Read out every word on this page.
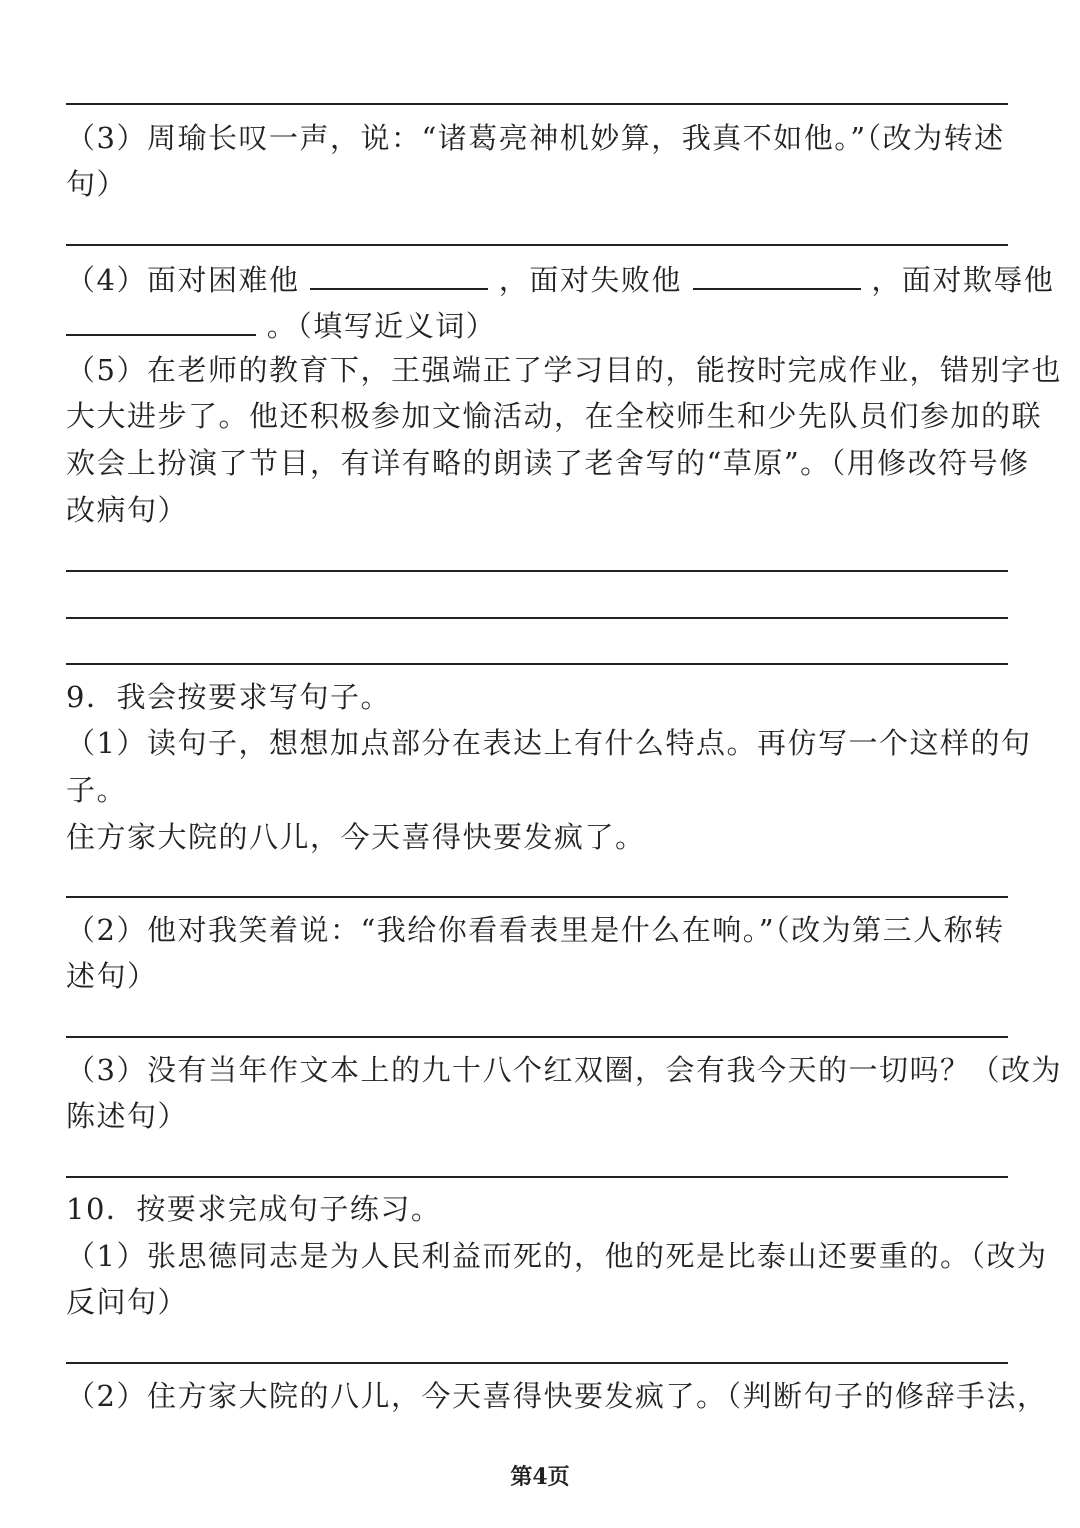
（3）周瑜长叹一声，说：“诸葛亮神机妙算，我真不如他。”（改为转述
句）
（4）面对困难他	，面对失败他	，面对欺辱他
。（填写近义词）
（5）在老师的教育下，王强端正了学习目的，能按时完成作业，错别字也
大大进步了。他还积极参加文愉活动，在全校师生和少先队员们参加的联
欢会上扮演了节目，有详有略的朗读了老舍写的“草原”。（用修改符号修
改病句）
9．我会按要求写句子。
（1）读句子，想想加点部分在表达上有什么特点。再仿写一个这样的句
子。
住方家大院的八儿，今天喜得快要发疯了。
（2）他对我笑着说：“我给你看看表里是什么在响。”（改为第三人称转
述句）
（3）没有当年作文本上的九十八个红双圈，会有我今天的一切吗？（改为
陈述句）
10．按要求完成句子练习。
（1）张思德同志是为人民利益而死的，他的死是比泰山还要重的。（改为
反问句）
（2）住方家大院的八儿，今天喜得快要发疯了。（判断句子的修辞手法，
第4页
